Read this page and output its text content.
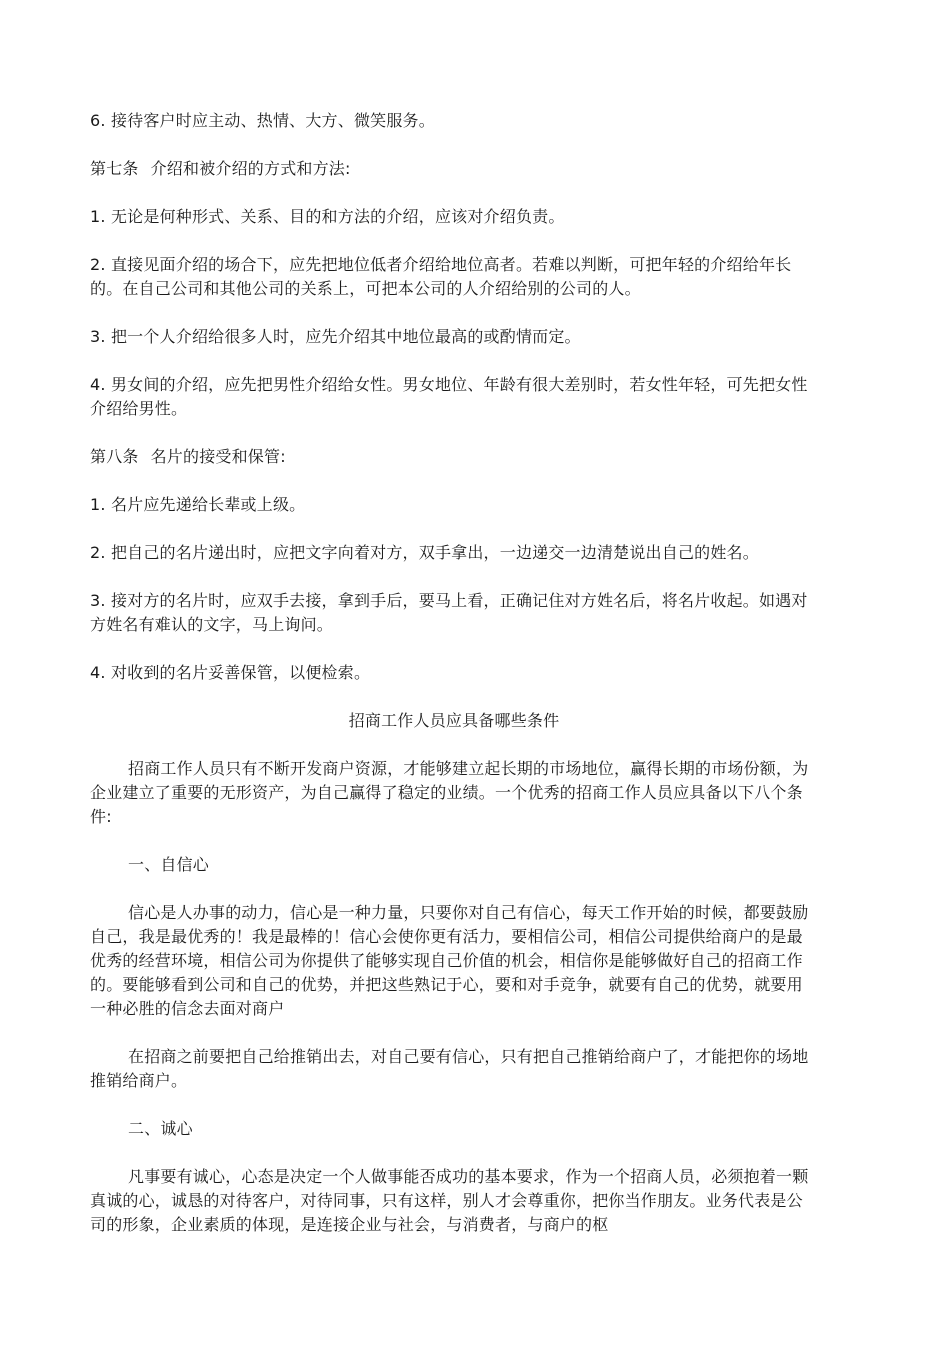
6. 接待客户时应主动、热情、大方、微笑服务。

第七条 介绍和被介绍的方式和方法:

1. 无论是何种形式、关系、目的和方法的介绍，应该对介绍负责。

2. 直接见面介绍的场合下，应先把地位低者介绍给地位高者。若难以判断，可把年轻的介绍给年长的。在自己公司和其他公司的关系上，可把本公司的人介绍给别的公司的人。

3. 把一个人介绍给很多人时，应先介绍其中地位最高的或酌情而定。

4. 男女间的介绍，应先把男性介绍给女性。男女地位、年龄有很大差别时，若女性年轻，可先把女性介绍给男性。

第八条 名片的接受和保管:

1. 名片应先递给长辈或上级。

2. 把自己的名片递出时，应把文字向着对方，双手拿出，一边递交一边清楚说出自己的姓名。

3. 接对方的名片时，应双手去接，拿到手后，要马上看，正确记住对方姓名后，将名片收起。如遇对方姓名有难认的文字，马上询问。

4. 对收到的名片妥善保管，以便检索。

招商工作人员应具备哪些条件

招商工作人员只有不断开发商户资源，才能够建立起长期的市场地位，赢得长期的市场份额，为企业建立了重要的无形资产，为自己赢得了稳定的业绩。一个优秀的招商工作人员应具备以下八个条件:

一、自信心

信心是人办事的动力，信心是一种力量，只要你对自己有信心，每天工作开始的时候，都要鼓励自己，我是最优秀的！我是最棒的！信心会使你更有活力，要相信公司，相信公司提供给商户的是最优秀的经营环境，相信公司为你提供了能够实现自己价值的机会，相信你是能够做好自己的招商工作的。要能够看到公司和自己的优势，并把这些熟记于心，要和对手竞争，就要有自己的优势，就要用一种必胜的信念去面对商户

在招商之前要把自己给推销出去，对自己要有信心，只有把自己推销给商户了，才能把你的场地推销给商户。

二、诚心

凡事要有诚心，心态是决定一个人做事能否成功的基本要求，作为一个招商人员，必须抱着一颗真诚的心，诚恳的对待客户，对待同事，只有这样，别人才会尊重你，把你当作朋友。业务代表是公司的形象，企业素质的体现，是连接企业与社会，与消费者，与商户的枢
